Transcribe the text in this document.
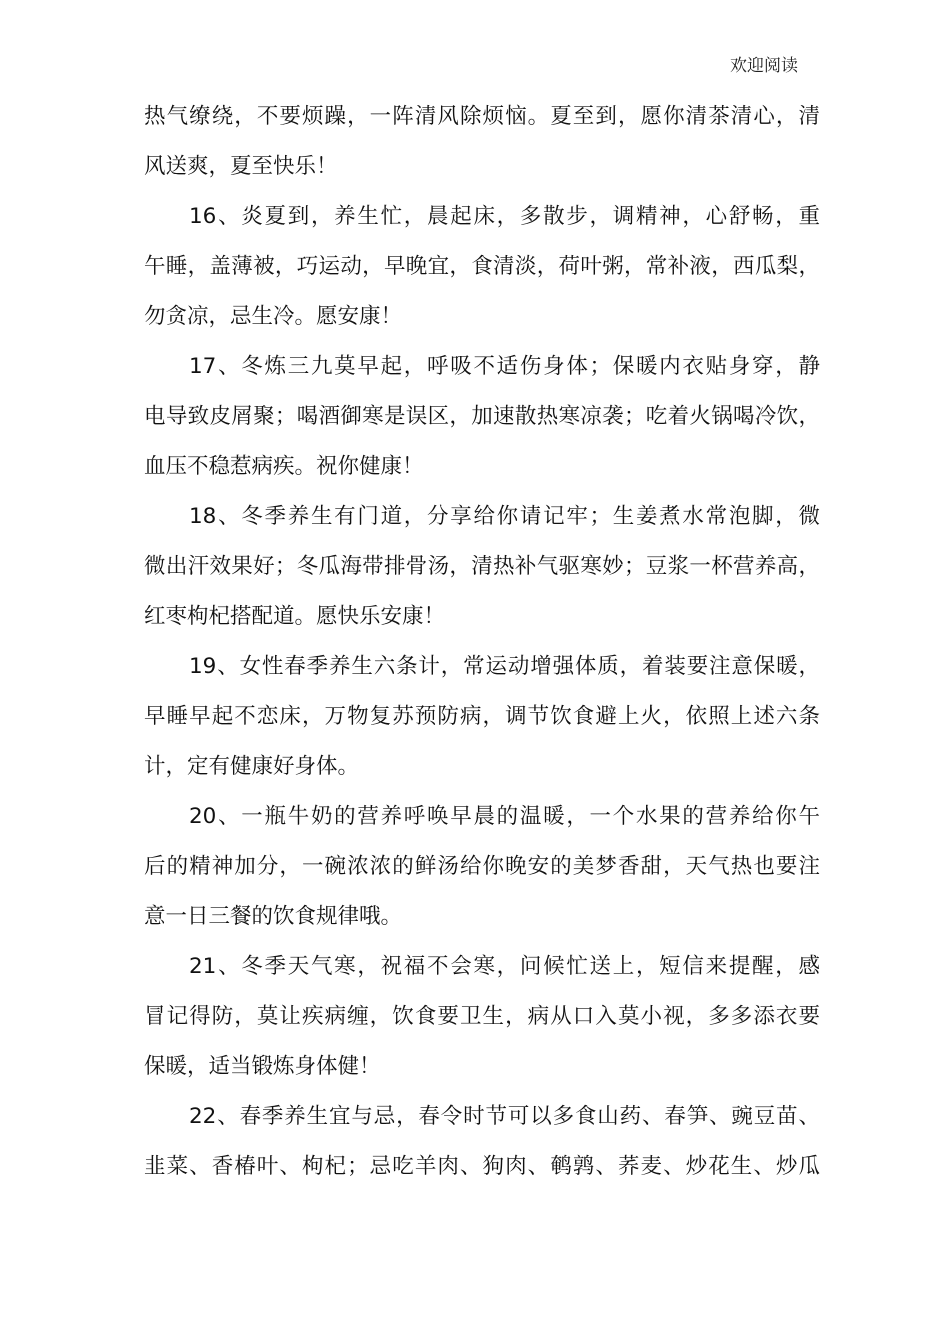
欢迎阅读
热气缭绕，不要烦躁，一阵清风除烦恼。夏至到，愿你清茶清心，清
风送爽，夏至快乐！
16、炎夏到，养生忙，晨起床，多散步，调精神，心舒畅，重
午睡，盖薄被，巧运动，早晚宜，食清淡，荷叶粥，常补液，西瓜梨，
勿贪凉，忌生冷。愿安康！
17、冬炼三九莫早起，呼吸不适伤身体；保暖内衣贴身穿，静
电导致皮屑聚；喝酒御寒是误区，加速散热寒凉袭；吃着火锅喝冷饮，
血压不稳惹病疾。祝你健康！
18、冬季养生有门道，分享给你请记牢；生姜煮水常泡脚，微
微出汗效果好；冬瓜海带排骨汤，清热补气驱寒妙；豆浆一杯营养高，
红枣枸杞搭配道。愿快乐安康！
19、女性春季养生六条计，常运动增强体质，着装要注意保暖，
早睡早起不恋床，万物复苏预防病，调节饮食避上火，依照上述六条
计，定有健康好身体。
20、一瓶牛奶的营养呼唤早晨的温暖，一个水果的营养给你午
后的精神加分，一碗浓浓的鲜汤给你晚安的美梦香甜，天气热也要注
意一日三餐的饮食规律哦。
21、冬季天气寒，祝福不会寒，问候忙送上，短信来提醒，感
冒记得防，莫让疾病缠，饮食要卫生，病从口入莫小视，多多添衣要
保暖，适当锻炼身体健！
22、春季养生宜与忌，春令时节可以多食山药、春笋、豌豆苗、
韭菜、香椿叶、枸杞；忌吃羊肉、狗肉、鹌鹑、荞麦、炒花生、炒瓜
